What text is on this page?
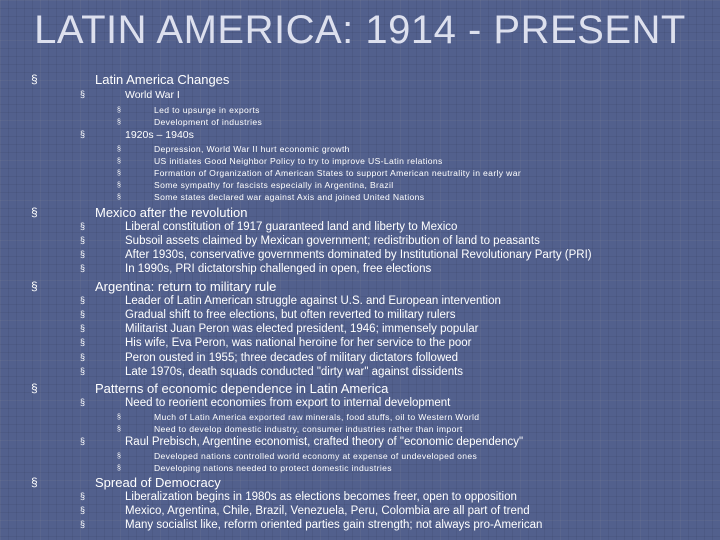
LATIN AMERICA: 1914 - PRESENT
§	Latin America Changes
§	World War I
§	Led to upsurge in exports
§	Development of industries
§	1920s – 1940s
§	Depression, World War II hurt economic growth
§	US initiates Good Neighbor Policy to try to improve US-Latin relations
§	Formation of Organization of American States to support American neutrality in early war
§	Some sympathy for fascists especially in Argentina, Brazil
§	Some states declared war against Axis and joined United Nations
§	Mexico after the revolution
§	Liberal constitution of 1917 guaranteed land and liberty to Mexico
§	Subsoil assets claimed by Mexican government; redistribution of land to peasants
§	After 1930s, conservative governments dominated by Institutional Revolutionary Party (PRI)
§	In 1990s, PRI dictatorship challenged in open, free elections
§	Argentina: return to military rule
§	Leader of Latin American struggle against U.S. and European intervention
§	Gradual shift to free elections, but often reverted to military rulers
§	Militarist Juan Peron was elected president, 1946; immensely popular
§	His wife, Eva Peron, was national heroine for her service to the poor
§	Peron ousted in 1955; three decades of military dictators followed
§	Late 1970s, death squads conducted "dirty war" against dissidents
§	Patterns of economic dependence in Latin America
§	Need to reorient economies from export to internal development
§	Much of Latin America exported raw minerals, food stuffs, oil to Western World
§	Need to develop domestic industry, consumer industries rather than import
§	Raul Prebisch, Argentine economist, crafted theory of "economic dependency"
§	Developed nations controlled world economy at expense of undeveloped ones
§	Developing nations needed to protect domestic industries
§	Spread of Democracy
§	Liberalization begins in 1980s as elections becomes freer, open to opposition
§	Mexico, Argentina, Chile, Brazil, Venezuela, Peru, Colombia are all part of trend
§	Many socialist like, reform oriented parties gain strength; not always pro-American
